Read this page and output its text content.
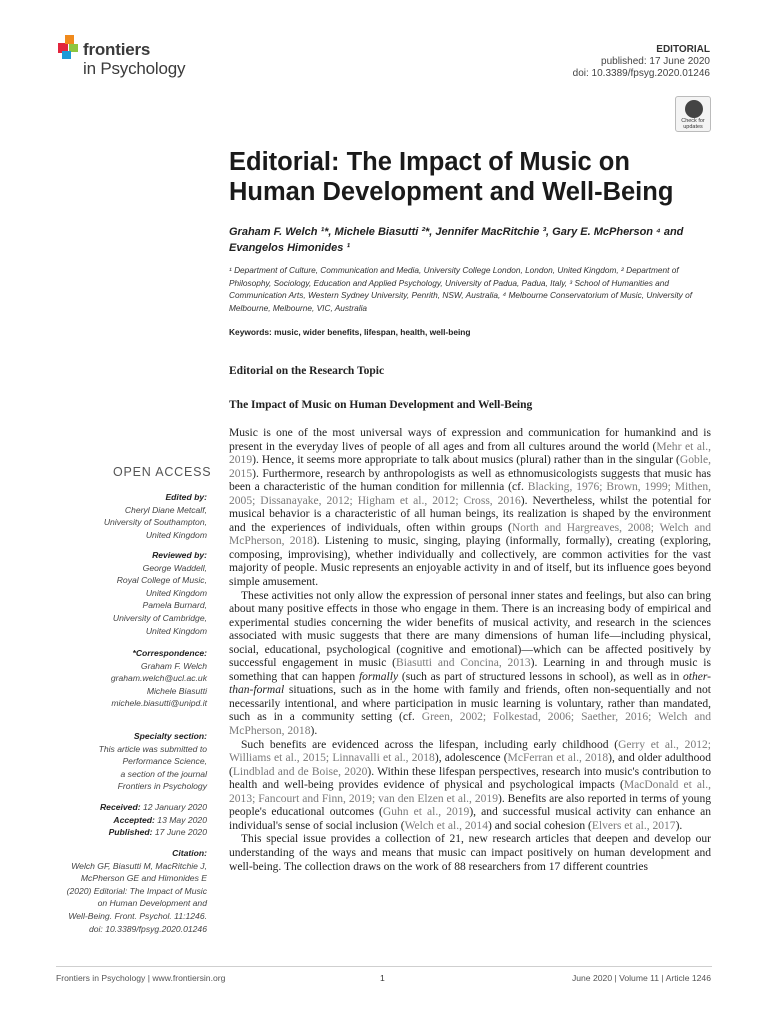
frontiers
in Psychology
EDITORIAL
published: 17 June 2020
doi: 10.3389/fpsyg.2020.01246
Check for
updates
Editorial: The Impact of Music on Human Development and Well-Being
Graham F. Welch ¹*, Michele Biasutti ²*, Jennifer MacRitchie ³, Gary E. McPherson ⁴ and Evangelos Himonides ¹
¹ Department of Culture, Communication and Media, University College London, London, United Kingdom, ² Department of Philosophy, Sociology, Education and Applied Psychology, University of Padua, Padua, Italy, ³ School of Humanities and Communication Arts, Western Sydney University, Penrith, NSW, Australia, ⁴ Melbourne Conservatorium of Music, University of Melbourne, Melbourne, VIC, Australia
Keywords: music, wider benefits, lifespan, health, well-being
Editorial on the Research Topic
The Impact of Music on Human Development and Well-Being

Music is one of the most universal ways of expression and communication for humankind and is present in the everyday lives of people of all ages and from all cultures around the world (Mehr et al., 2019). Hence, it seems more appropriate to talk about musics (plural) rather than in the singular (Goble, 2015). Furthermore, research by anthropologists as well as ethnomusicologists suggests that music has been a characteristic of the human condition for millennia (cf. Blacking, 1976; Brown, 1999; Mithen, 2005; Dissanayake, 2012; Higham et al., 2012; Cross, 2016). Nevertheless, whilst the potential for musical behavior is a characteristic of all human beings, its realization is shaped by the environment and the experiences of individuals, often within groups (North and Hargreaves, 2008; Welch and McPherson, 2018). Listening to music, singing, playing (informally, formally), creating (exploring, composing, improvising), whether individually and collectively, are common activities for the vast majority of people. Music represents an enjoyable activity in and of itself, but its influence goes beyond simple amusement.

These activities not only allow the expression of personal inner states and feelings, but also can bring about many positive effects in those who engage in them. There is an increasing body of empirical and experimental studies concerning the wider benefits of musical activity, and research in the sciences associated with music suggests that there are many dimensions of human life—including physical, social, educational, psychological (cognitive and emotional)—which can be affected positively by successful engagement in music (Biasutti and Concina, 2013). Learning in and through music is something that can happen formally (such as part of structured lessons in school), as well as in other-than-formal situations, such as in the home with family and friends, often non-sequentially and not necessarily intentional, and where participation in music learning is voluntary, rather than mandated, such as in a community setting (cf. Green, 2002; Folkestad, 2006; Saether, 2016; Welch and McPherson, 2018).

Such benefits are evidenced across the lifespan, including early childhood (Gerry et al., 2012; Williams et al., 2015; Linnavalli et al., 2018), adolescence (McFerran et al., 2018), and older adulthood (Lindblad and de Boise, 2020). Within these lifespan perspectives, research into music's contribution to health and well-being provides evidence of physical and psychological impacts (MacDonald et al., 2013; Fancourt and Finn, 2019; van den Elzen et al., 2019). Benefits are also reported in terms of young people's educational outcomes (Guhn et al., 2019), and successful musical activity can enhance an individual's sense of social inclusion (Welch et al., 2014) and social cohesion (Elvers et al., 2017).

This special issue provides a collection of 21, new research articles that deepen and develop our understanding of the ways and means that music can impact positively on human development and well-being. The collection draws on the work of 88 researchers from 17 different countries

OPEN ACCESS
Edited by:
Cheryl Diane Metcalf,
University of Southampton,
United Kingdom
Reviewed by:
George Waddell,
Royal College of Music,
United Kingdom
Pamela Burnard,
University of Cambridge,
United Kingdom
*Correspondence:
Graham F. Welch
graham.welch@ucl.ac.uk
Michele Biasutti
michele.biasutti@unipd.it
Specialty section:
This article was submitted to
Performance Science,
a section of the journal
Frontiers in Psychology
Received: 12 January 2020
Accepted: 13 May 2020
Published: 17 June 2020
Citation:
Welch GF, Biasutti M, MacRitchie J,
McPherson GE and Himonides E
(2020) Editorial: The Impact of Music
on Human Development and
Well-Being. Front. Psychol. 11:1246.
doi: 10.3389/fpsyg.2020.01246
Frontiers in Psychology | www.frontiersin.org	1	June 2020 | Volume 11 | Article 1246
